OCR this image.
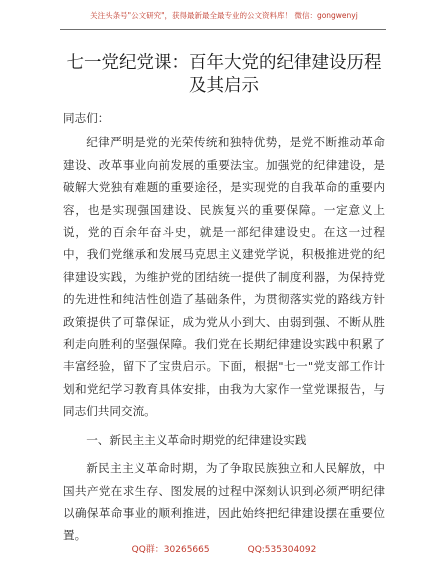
关注头条号"公文研究"，获得最新最全最专业的公文资料库！ 微信：gongwenyj
七一党纪党课：百年大党的纪律建设历程及其启示

同志们：

纪律严明是党的光荣传统和独特优势，是党不断推动革命建设、改革事业向前发展的重要法宝。加强党的纪律建设，是破解大党独有难题的重要途径，是实现党的自我革命的重要内容，也是实现强国建设、民族复兴的重要保障。一定意义上说，党的百余年奋斗史，就是一部纪律建设史。在这一过程中，我们党继承和发展马克思主义建党学说，积极推进党的纪律建设实践，为维护党的团结统一提供了制度利器，为保持党的先进性和纯洁性创造了基础条件，为贯彻落实党的路线方针政策提供了可靠保证，成为党从小到大、由弱到强、不断从胜利走向胜利的坚强保障。我们党在长期纪律建设实践中积累了丰富经验，留下了宝贵启示。下面，根据"七一"党支部工作计划和党纪学习教育具体安排，由我为大家作一堂党课报告，与同志们共同交流。

一、新民主主义革命时期党的纪律建设实践

新民主主义革命时期，为了争取民族独立和人民解放，中国共产党在求生存、图发展的过程中深刻认识到必须严明纪律以确保革命事业的顺利推进，因此始终把纪律建设摆在重要位置。

QQ群：30265665	QQ:535304092
